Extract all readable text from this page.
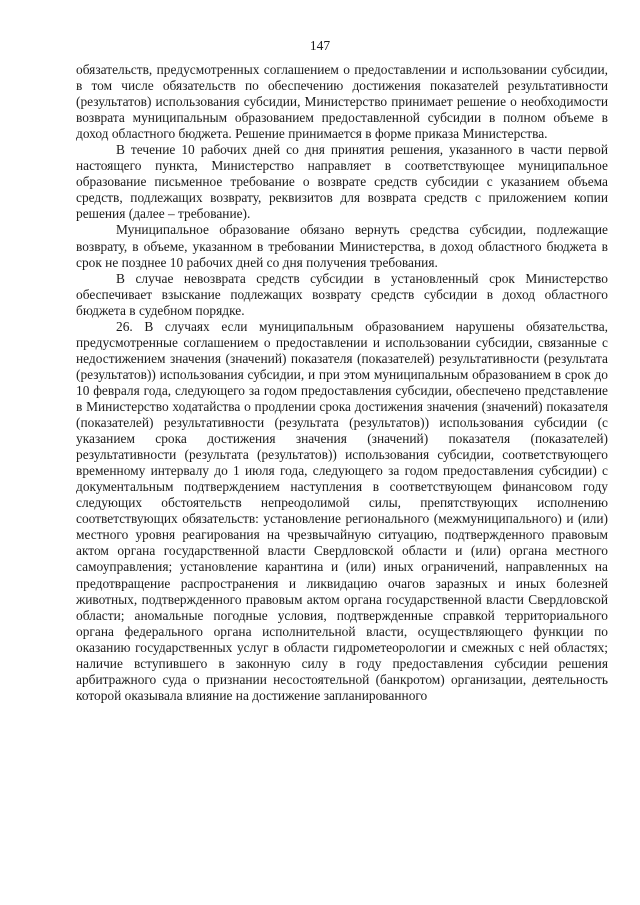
147

обязательств, предусмотренных соглашением о предоставлении и использовании субсидии, в том числе обязательств по обеспечению достижения показателей результативности (результатов) использования субсидии, Министерство принимает решение о необходимости возврата муниципальным образованием предоставленной субсидии в полном объеме в доход областного бюджета. Решение принимается в форме приказа Министерства.

В течение 10 рабочих дней со дня принятия решения, указанного в части первой настоящего пункта, Министерство направляет в соответствующее муниципальное образование письменное требование о возврате средств субсидии с указанием объема средств, подлежащих возврату, реквизитов для возврата средств с приложением копии решения (далее – требование).

Муниципальное образование обязано вернуть средства субсидии, подлежащие возврату, в объеме, указанном в требовании Министерства, в доход областного бюджета в срок не позднее 10 рабочих дней со дня получения требования.

В случае невозврата средств субсидии в установленный срок Министерство обеспечивает взыскание подлежащих возврату средств субсидии в доход областного бюджета в судебном порядке.

26. В случаях если муниципальным образованием нарушены обязательства, предусмотренные соглашением о предоставлении и использовании субсидии, связанные с недостижением значения (значений) показателя (показателей) результативности (результата (результатов)) использования субсидии, и при этом муниципальным образованием в срок до 10 февраля года, следующего за годом предоставления субсидии, обеспечено представление в Министерство ходатайства о продлении срока достижения значения (значений) показателя (показателей) результативности (результата (результатов)) использования субсидии (с указанием срока достижения значения (значений) показателя (показателей) результативности (результата (результатов)) использования субсидии, соответствующего временному интервалу до 1 июля года, следующего за годом предоставления субсидии) с документальным подтверждением наступления в соответствующем финансовом году следующих обстоятельств непреодолимой силы, препятствующих исполнению соответствующих обязательств: установление регионального (межмуниципального) и (или) местного уровня реагирования на чрезвычайную ситуацию, подтвержденного правовым актом органа государственной власти Свердловской области и (или) органа местного самоуправления; установление карантина и (или) иных ограничений, направленных на предотвращение распространения и ликвидацию очагов заразных и иных болезней животных, подтвержденного правовым актом органа государственной власти Свердловской области; аномальные погодные условия, подтвержденные справкой территориального органа федерального органа исполнительной власти, осуществляющего функции по оказанию государственных услуг в области гидрометеорологии и смежных с ней областях; наличие вступившего в законную силу в году предоставления субсидии решения арбитражного суда о признании несостоятельной (банкротом) организации, деятельность которой оказывала влияние на достижение запланированного
